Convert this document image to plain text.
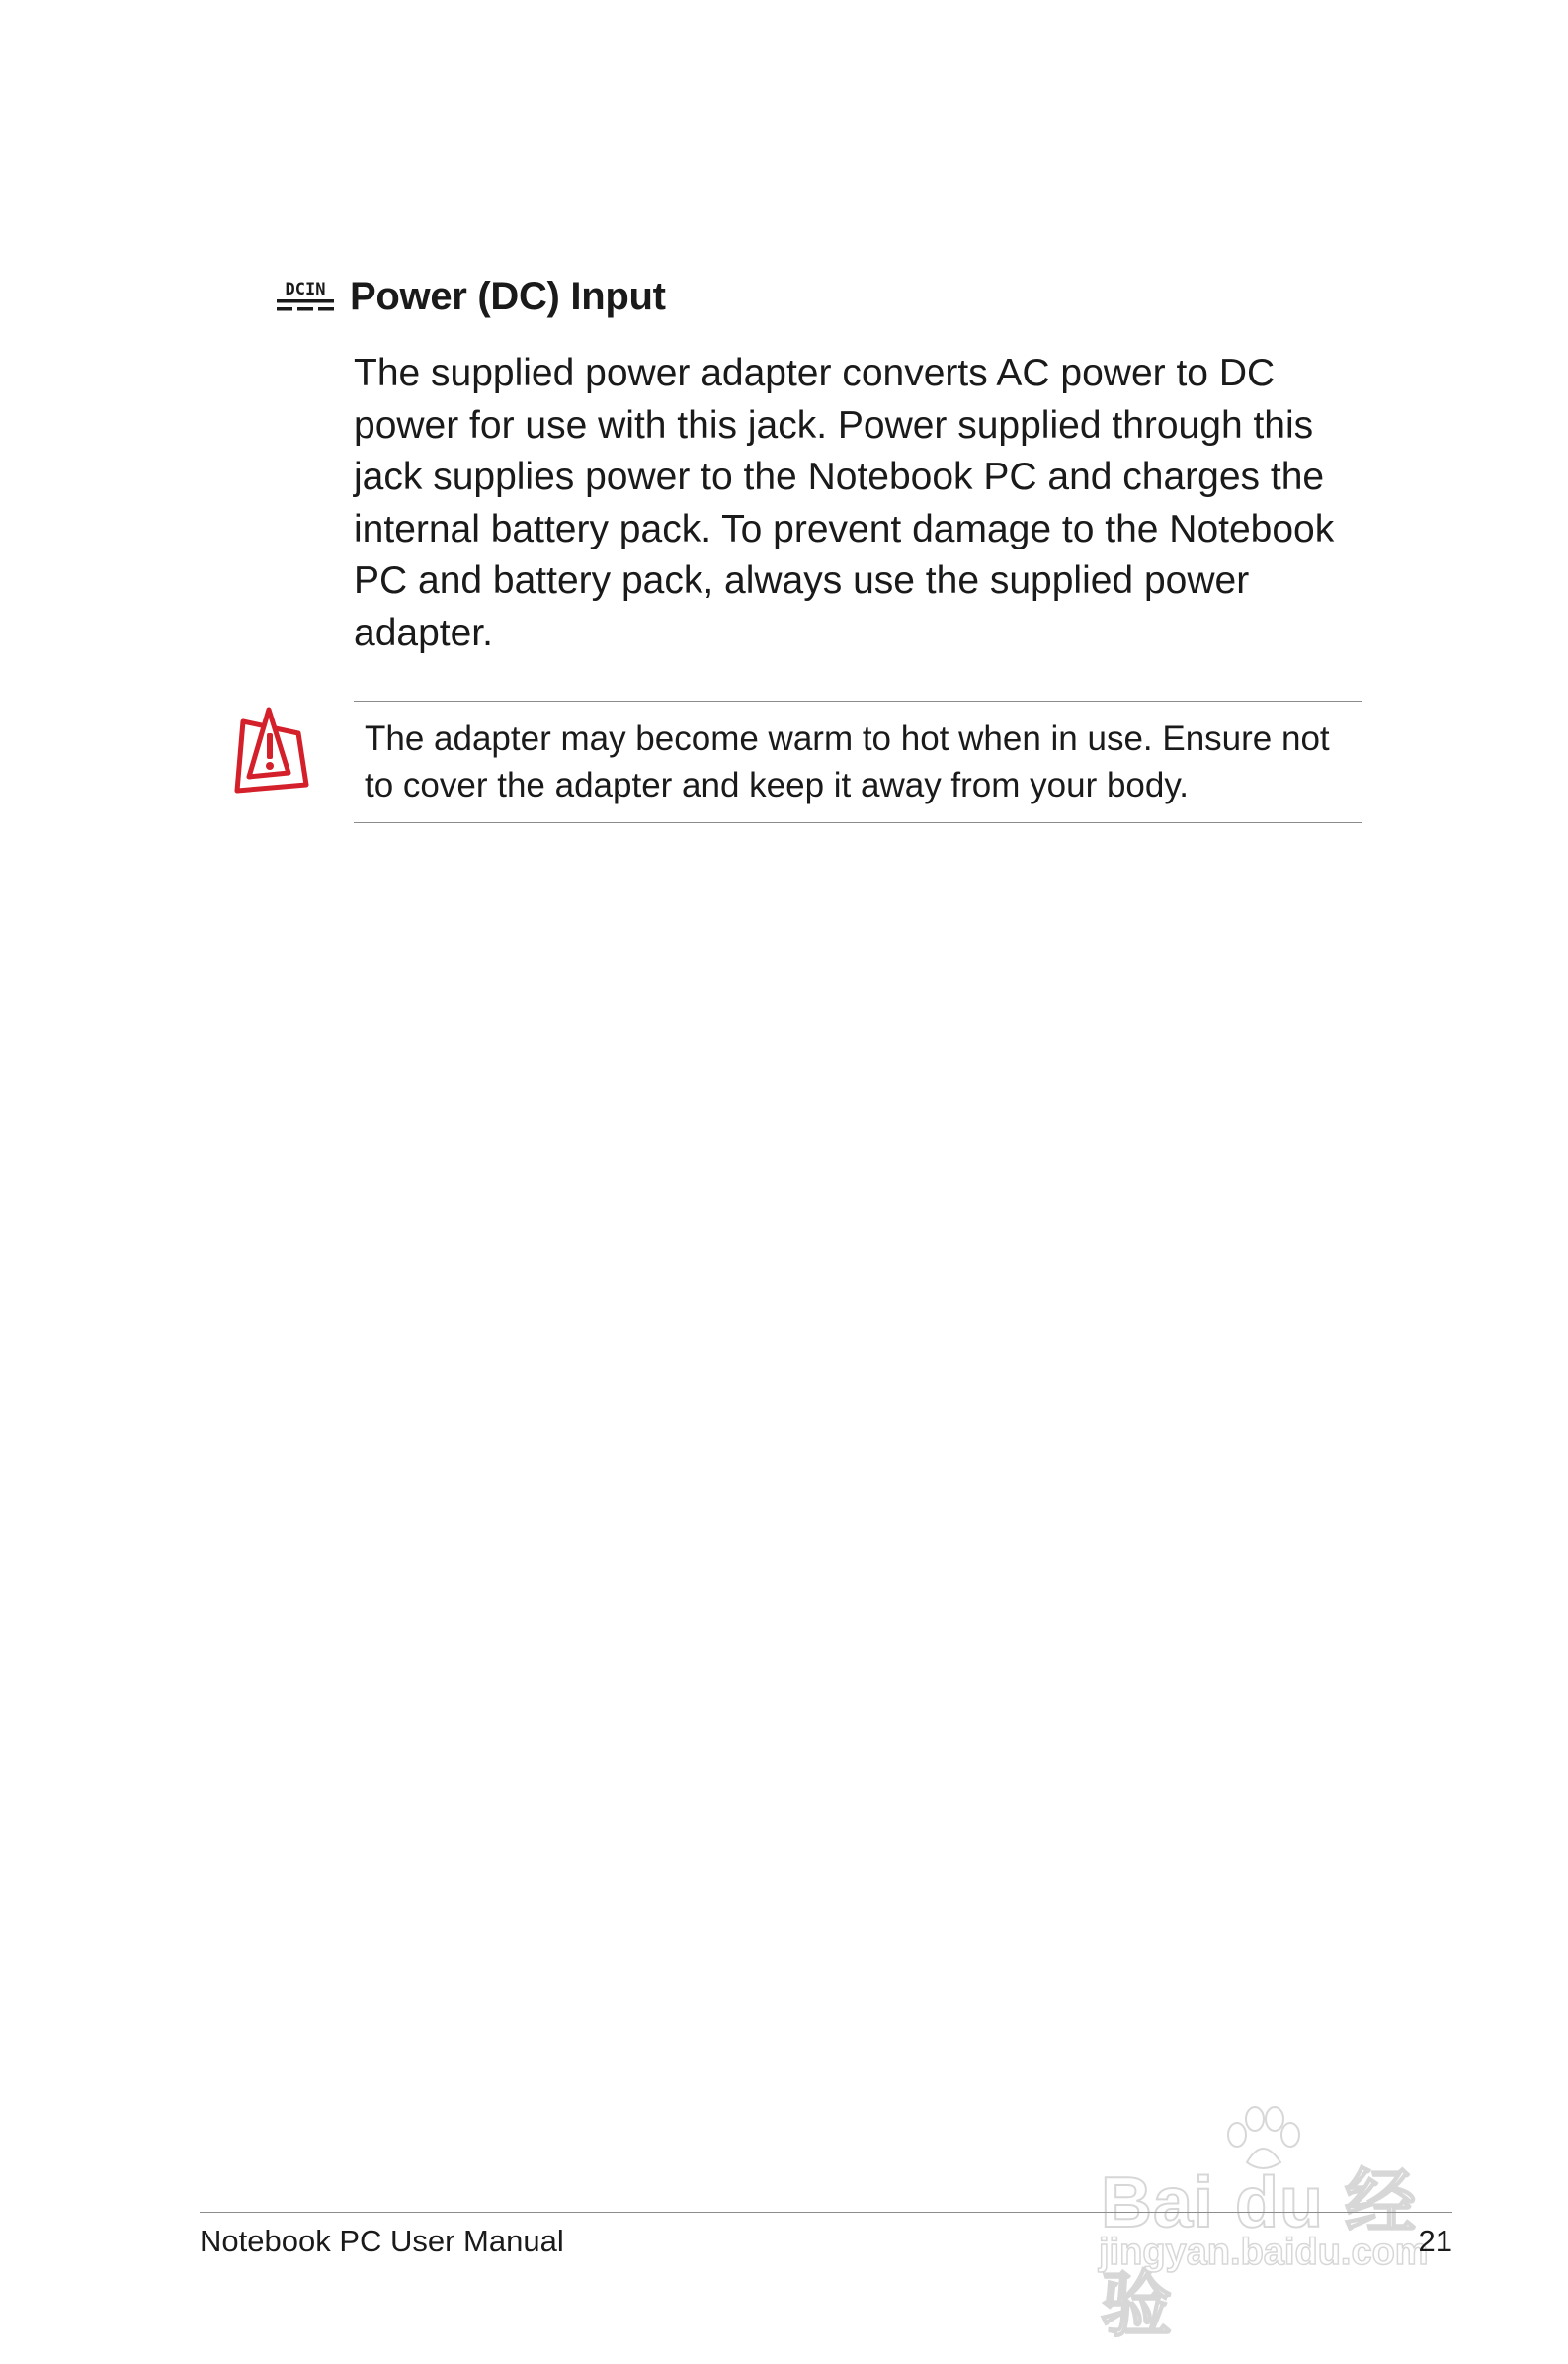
DCIN Power (DC) Input

The supplied power adapter converts AC power to DC
power for use with this jack. Power supplied through this
jack supplies power to the Notebook PC and charges the
internal battery pack. To prevent damage to the Notebook
PC and battery pack, always use the supplied power
adapter.

The adapter may become warm to hot when in use. Ensure not
to cover the adapter and keep it away from your body.

Bai du 经验
jingyan.baidu.com
Notebook PC User Manual	21
